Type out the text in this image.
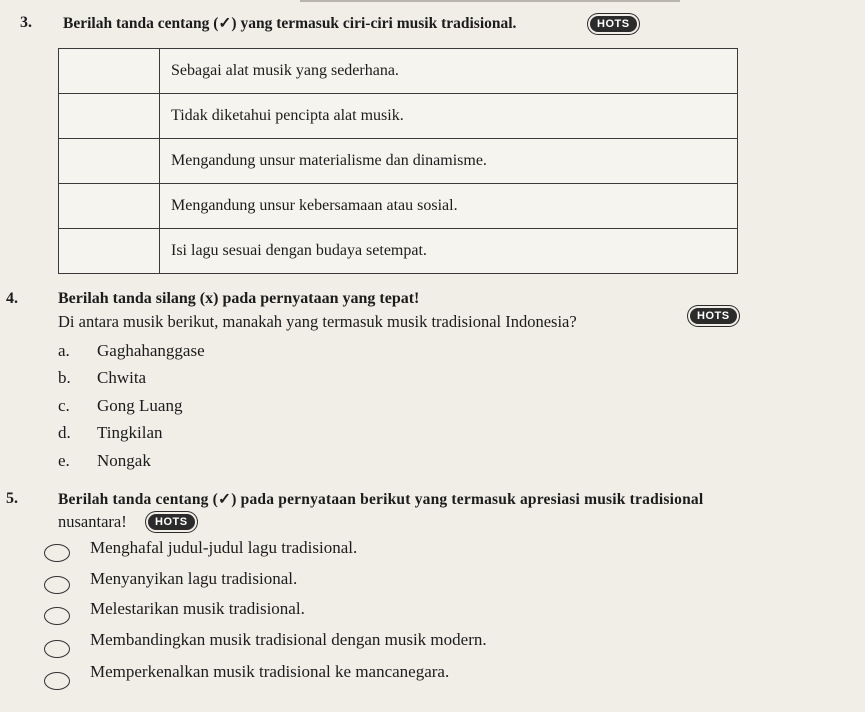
3. Berilah tanda centang (✓) yang termasuk ciri-ciri musik tradisional.	HOTS
	Sebagai alat musik yang sederhana.
	Tidak diketahui pencipta alat musik.
	Mengandung unsur materialisme dan dinamisme.
	Mengandung unsur kebersamaan atau sosial.
	Isi lagu sesuai dengan budaya setempat.
4.	Berilah tanda silang (x) pada pernyataan yang tepat!
Di antara musik berikut, manakah yang termasuk musik tradisional Indonesia?	HOTS
a. Gaghahanggase
b. Chwita
c. Gong Luang
d. Tingkilan
e. Nongak
5.	Berilah tanda centang (✓) pada pernyataan berikut yang termasuk apresiasi musik tradisional
nusantara!	HOTS
Menghafal judul-judul lagu tradisional.
Menyanyikan lagu tradisional.
Melestarikan musik tradisional.
Membandingkan musik tradisional dengan musik modern.
Memperkenalkan musik tradisional ke mancanegara.
